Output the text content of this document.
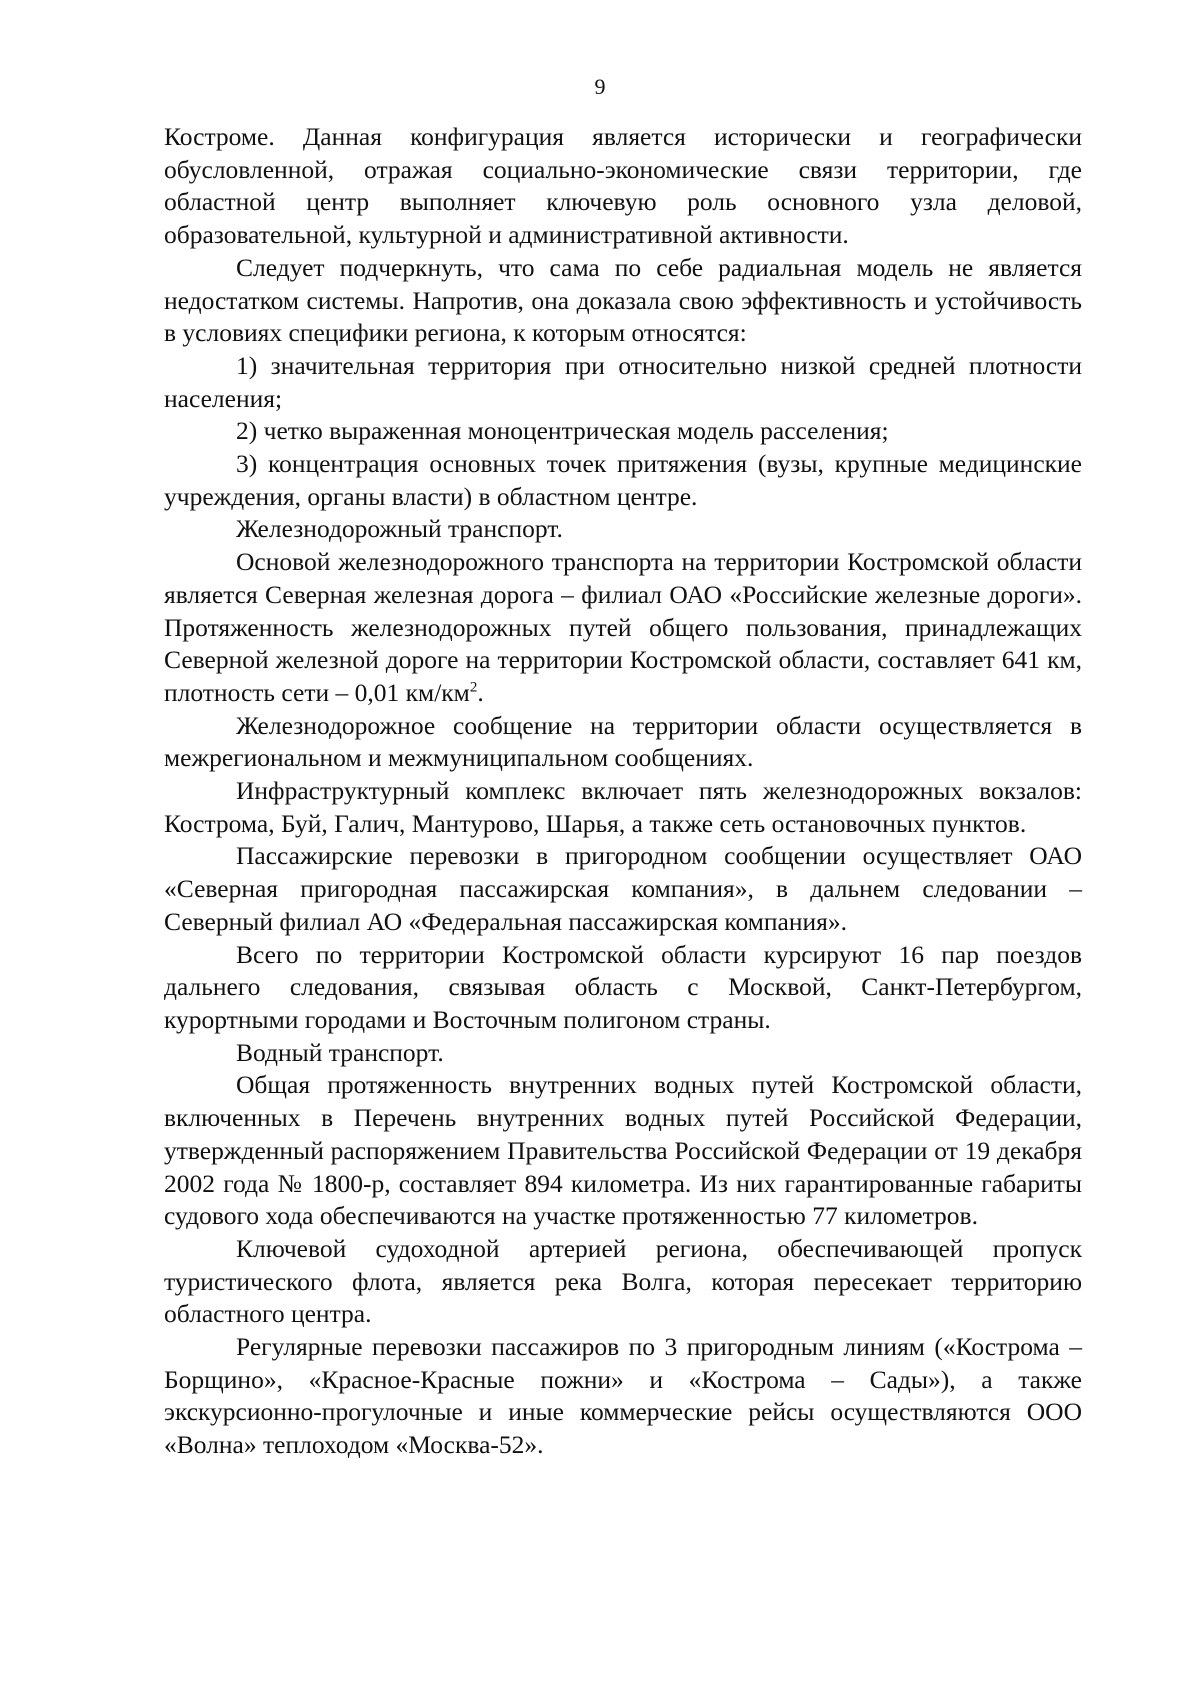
9

Костроме. Данная конфигурация является исторически и географически обусловленной, отражая социально-экономические связи территории, где областной центр выполняет ключевую роль основного узла деловой, образовательной, культурной и административной активности.

Следует подчеркнуть, что сама по себе радиальная модель не является недостатком системы. Напротив, она доказала свою эффективность и устойчивость в условиях специфики региона, к которым относятся:

1) значительная территория при относительно низкой средней плотности населения;

2) четко выраженная моноцентрическая модель расселения;

3) концентрация основных точек притяжения (вузы, крупные медицинские учреждения, органы власти) в областном центре.

Железнодорожный транспорт.

Основой железнодорожного транспорта на территории Костромской области является Северная железная дорога – филиал ОАО «Российские железные дороги». Протяженность железнодорожных путей общего пользования, принадлежащих Северной железной дороге на территории Костромской области, составляет 641 км, плотность сети – 0,01 $км/км^2$.

Железнодорожное сообщение на территории области осуществляется в межрегиональном и межмуниципальном сообщениях.

Инфраструктурный комплекс включает пять железнодорожных вокзалов: Кострома, Буй, Галич, Мантурово, Шарья, а также сеть остановочных пунктов.

Пассажирские перевозки в пригородном сообщении осуществляет ОАО «Северная пригородная пассажирская компания», в дальнем следовании – Северный филиал АО «Федеральная пассажирская компания».

Всего по территории Костромской области курсируют 16 пар поездов дальнего следования, связывая область с Москвой, Санкт-Петербургом, курортными городами и Восточным полигоном страны.

Водный транспорт.

Общая протяженность внутренних водных путей Костромской области, включенных в Перечень внутренних водных путей Российской Федерации, утвержденный распоряжением Правительства Российской Федерации от 19 декабря 2002 года № 1800-р, составляет 894 километра. Из них гарантированные габариты судового хода обеспечиваются на участке протяженностью 77 километров.

Ключевой судоходной артерией региона, обеспечивающей пропуск туристического флота, является река Волга, которая пересекает территорию областного центра.

Регулярные перевозки пассажиров по 3 пригородным линиям («Кострома – Борщино», «Красное-Красные пожни» и «Кострома – Сады»), а также экскурсионно-прогулочные и иные коммерческие рейсы осуществляются ООО «Волна» теплоходом «Москва-52».
